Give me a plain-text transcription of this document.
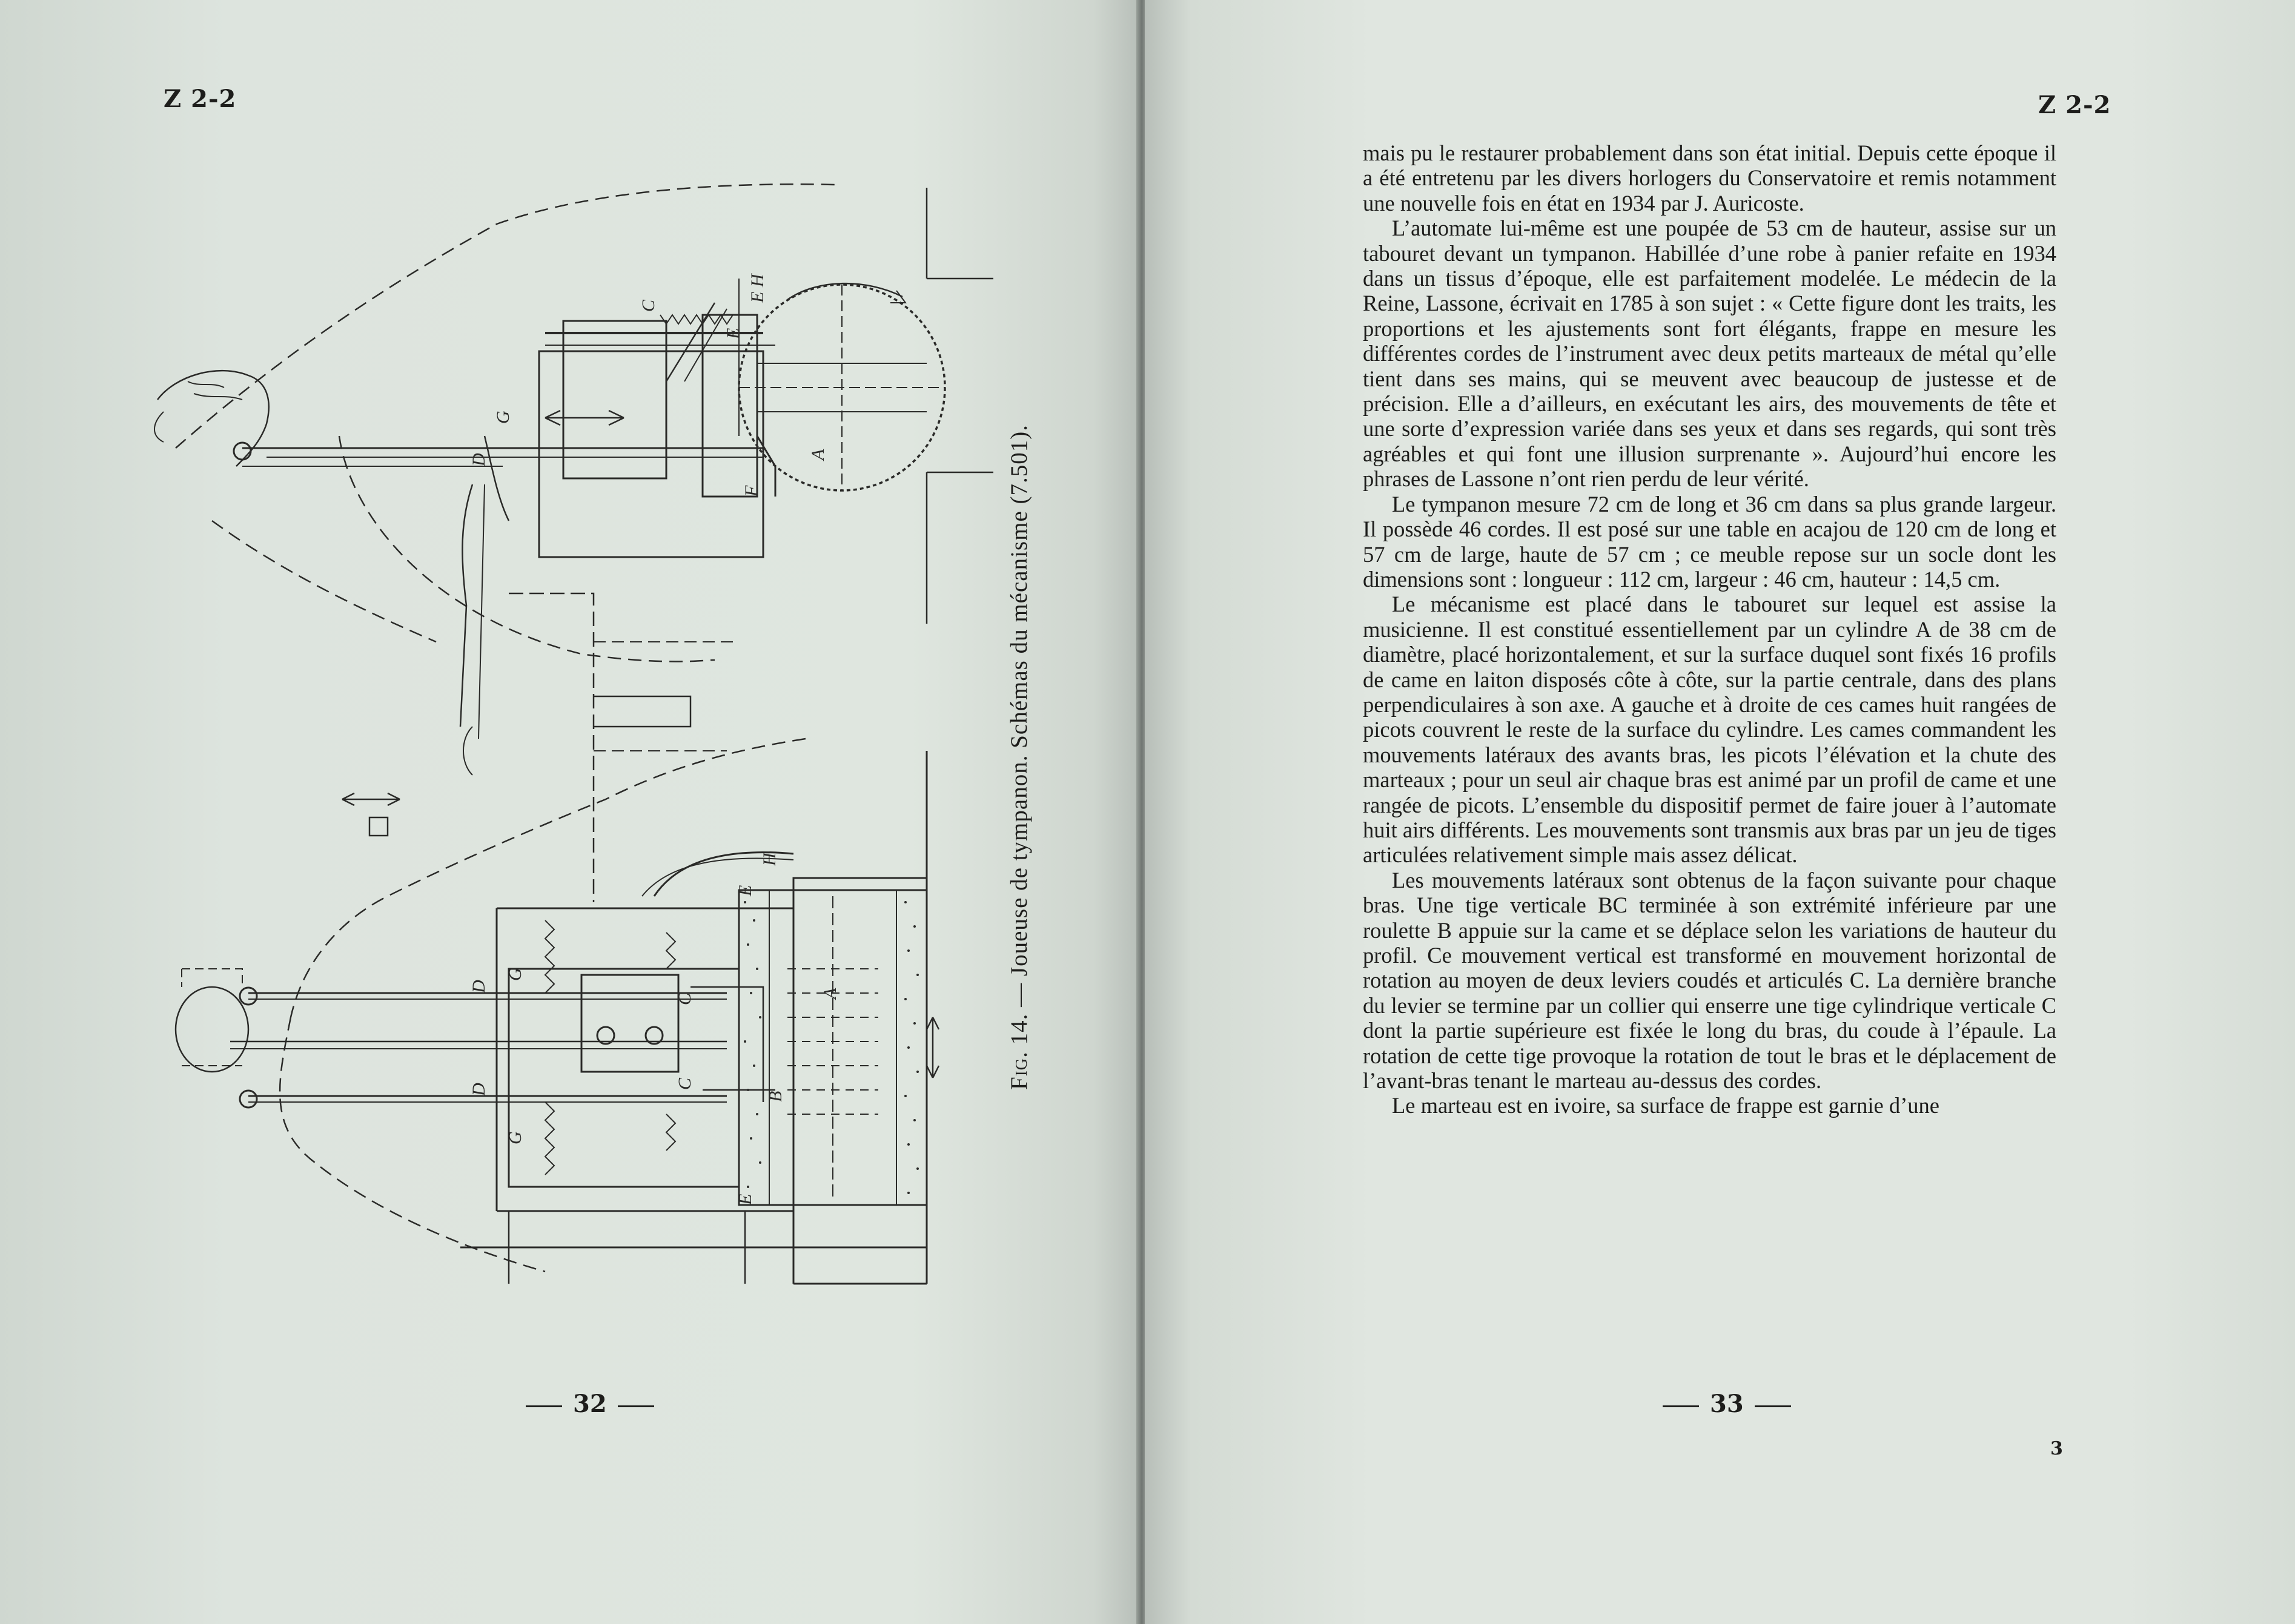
Z 2-2
A
C
D
E
F
G
E H
A
B
C
C
D
D
E
E
G
G
H
Fig. 14. — Joueuse de tympanon. Schémas du mécanisme (7.501).
32
Z 2-2
3
33

mais pu le restaurer probablement dans son état initial. Depuis cette époque il a été entretenu par les divers horlogers du Conservatoire et remis notamment une nouvelle fois en état en 1934 par J. Auricoste.

L’automate lui-même est une poupée de 53 cm de hauteur, assise sur un tabouret devant un tympanon. Habillée d’une robe à panier refaite en 1934 dans un tissus d’époque, elle est parfaitement modelée. Le médecin de la Reine, Lassone, écrivait en 1785 à son sujet : « Cette figure dont les traits, les proportions et les ajustements sont fort élégants, frappe en mesure les différentes cordes de l’instrument avec deux petits marteaux de métal qu’elle tient dans ses mains, qui se meuvent avec beaucoup de justesse et de précision. Elle a d’ailleurs, en exécutant les airs, des mouvements de tête et une sorte d’expression variée dans ses yeux et dans ses regards, qui sont très agréables et qui font une illusion surprenante ». Aujourd’hui encore les phrases de Lassone n’ont rien perdu de leur vérité.

Le tympanon mesure 72 cm de long et 36 cm dans sa plus grande largeur. Il possède 46 cordes. Il est posé sur une table en acajou de 120 cm de long et 57 cm de large, haute de 57 cm ; ce meuble repose sur un socle dont les dimensions sont : longueur : 112 cm, largeur : 46 cm, hauteur : 14,5 cm.

Le mécanisme est placé dans le tabouret sur lequel est assise la musicienne. Il est constitué essentiellement par un cylindre A de 38 cm de diamètre, placé horizontalement, et sur la surface duquel sont fixés 16 profils de came en laiton disposés côte à côte, sur la partie centrale, dans des plans perpendiculaires à son axe. A gauche et à droite de ces cames huit rangées de picots couvrent le reste de la surface du cylindre. Les cames commandent les mouvements latéraux des avants bras, les picots l’élévation et la chute des marteaux ; pour un seul air chaque bras est animé par un profil de came et une rangée de picots. L’ensemble du dispositif permet de faire jouer à l’automate huit airs différents. Les mouvements sont transmis aux bras par un jeu de tiges articulées relativement simple mais assez délicat.

Les mouvements latéraux sont obtenus de la façon suivante pour chaque bras. Une tige verticale BC terminée à son extrémité inférieure par une roulette B appuie sur la came et se déplace selon les variations de hauteur du profil. Ce mouvement vertical est transformé en mouvement horizontal de rotation au moyen de deux leviers coudés et articulés C. La dernière branche du levier se termine par un collier qui enserre une tige cylindrique verticale C dont la partie supérieure est fixée le long du bras, du coude à l’épaule. La rotation de cette tige provoque la rotation de tout le bras et le déplacement de l’avant-bras tenant le marteau au-dessus des cordes.

Le marteau est en ivoire, sa surface de frappe est garnie d’une
